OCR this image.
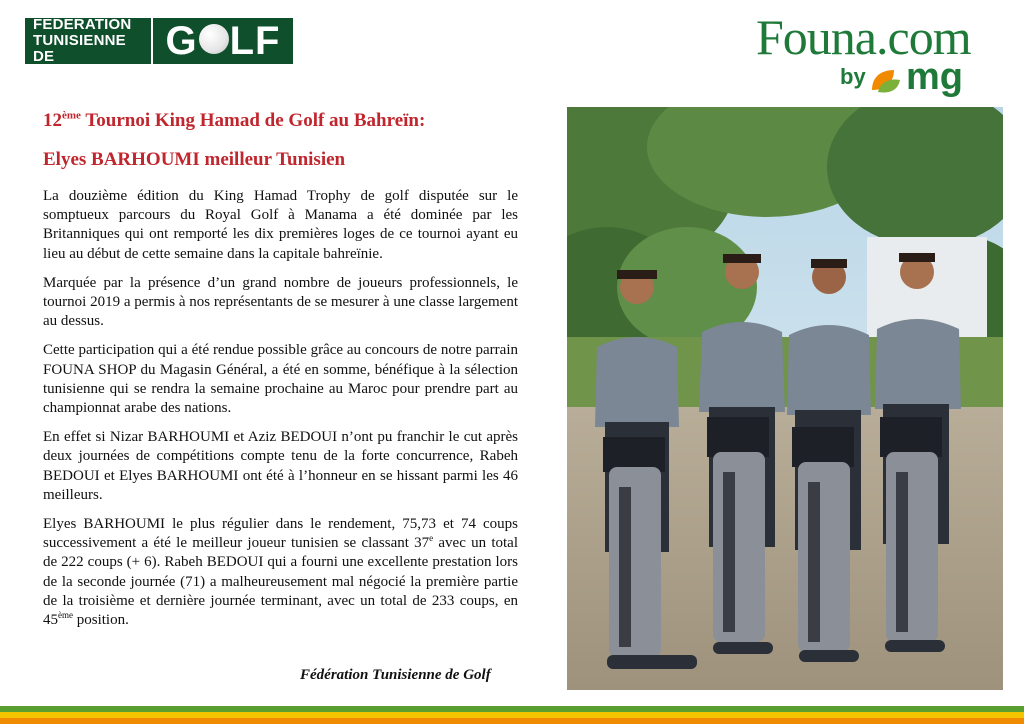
FÉDÉRATION
TUNISIENNE DE	G LF	Founa.com
by mg
12ème Tournoi King Hamad de Golf au Bahreïn:
Elyes BARHOUMI meilleur Tunisien

La douzième édition du King Hamad Trophy de golf disputée sur le somptueux parcours du Royal Golf à Manama a été dominée par les Britanniques qui ont remporté les dix premières loges de ce tournoi ayant eu lieu au début de cette semaine dans la capitale bahreïnie.

Marquée par la présence d’un grand nombre de joueurs professionnels, le tournoi 2019 a permis à nos représentants de se mesurer à une classe largement au dessus.

Cette participation qui a été rendue possible grâce au concours de notre parrain FOUNA SHOP du Magasin Général, a été en somme, bénéfique à la sélection tunisienne qui se rendra la semaine prochaine au Maroc pour prendre part au championnat arabe des nations.

En effet si Nizar BARHOUMI et Aziz BEDOUI n’ont pu franchir le cut après deux journées de compétitions compte tenu de la forte concurrence, Rabeh BEDOUI et Elyes BARHOUMI ont été à l’honneur en se hissant parmi les 46 meilleurs.

Elyes BARHOUMI le plus régulier dans le rendement, 75,73 et 74 coups successivement a été le meilleur joueur tunisien se classant 37e avec un total de 222 coups (+ 6). Rabeh BEDOUI qui a fourni une excellente prestation lors de la seconde journée (71) a malheureusement mal négocié la première partie de la troisième et dernière journée terminant, avec un total de 233 coups, en 45ème position.

Fédération Tunisienne de Golf
